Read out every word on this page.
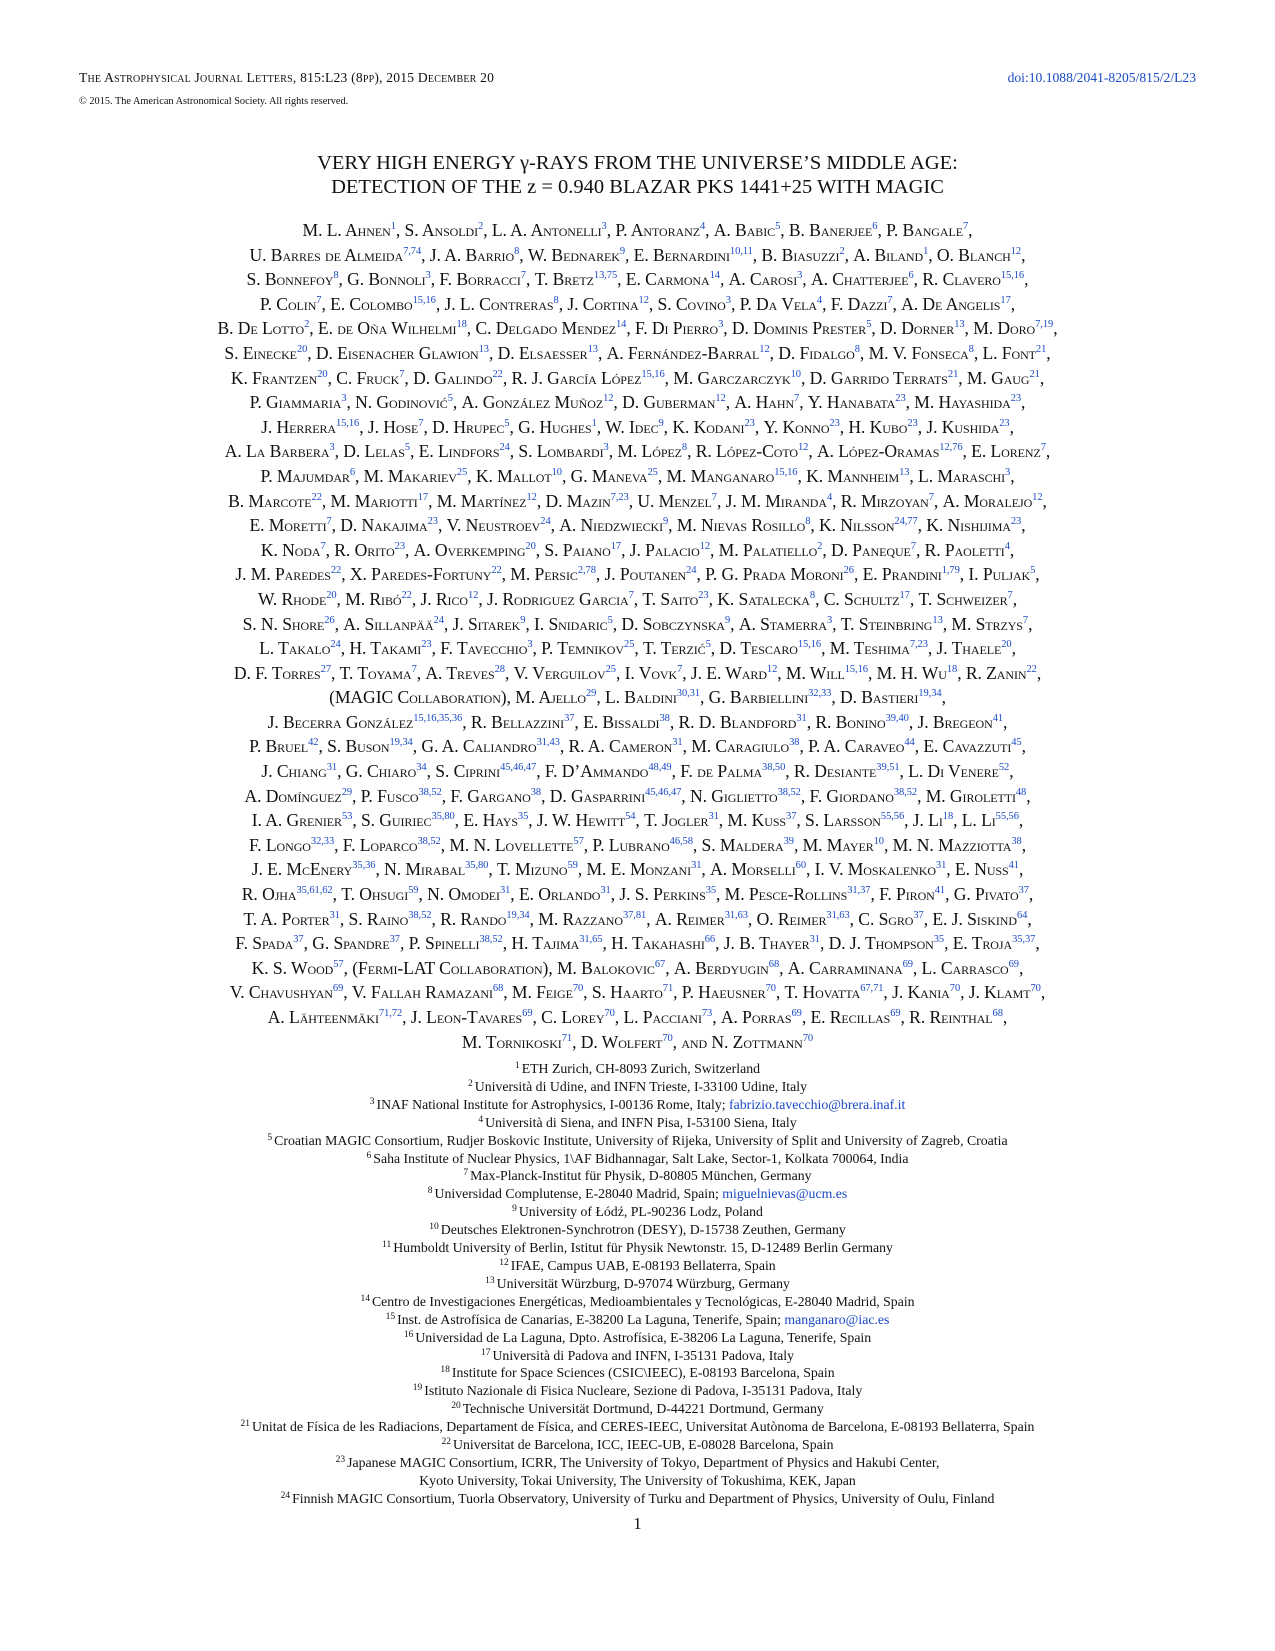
The Astrophysical Journal Letters, 815:L23 (8pp), 2015 December 20	doi:10.1088/2041-8205/815/2/L23
© 2015. The American Astronomical Society. All rights reserved.
VERY HIGH ENERGY γ-RAYS FROM THE UNIVERSE’S MIDDLE AGE:
DETECTION OF THE z = 0.940 BLAZAR PKS 1441+25 WITH MAGIC
M. L. Ahnen$^1$, S. Ansoldi$^2$, L. A. Antonelli$^3$, P. Antoranz$^4$, A. Babic$^5$, B. Banerjee$^6$, P. Bangale$^7$,
U. Barres de Almeida$^{7,74}$, J. A. Barrio$^8$, W. Bednarek$^9$, E. Bernardini$^{10,11}$, B. Biasuzzi$^2$, A. Biland$^1$, O. Blanch$^{12}$,
S. Bonnefoy$^8$, G. Bonnoli$^3$, F. Borracci$^7$, T. Bretz$^{13,75}$, E. Carmona$^{14}$, A. Carosi$^3$, A. Chatterjee$^6$, R. Clavero$^{15,16}$,
P. Colin$^7$, E. Colombo$^{15,16}$, J. L. Contreras$^8$, J. Cortina$^{12}$, S. Covino$^3$, P. Da Vela$^4$, F. Dazzi$^7$, A. De Angelis$^{17}$,
B. De Lotto$^2$, E. de Oña Wilhelmi$^{18}$, C. Delgado Mendez$^{14}$, F. Di Pierro$^3$, D. Dominis Prester$^5$, D. Dorner$^{13}$, M. Doro$^{7,19}$,
S. Einecke$^{20}$, D. Eisenacher Glawion$^{13}$, D. Elsaesser$^{13}$, A. Fernández-Barral$^{12}$, D. Fidalgo$^8$, M. V. Fonseca$^8$, L. Font$^{21}$,
K. Frantzen$^{20}$, C. Fruck$^7$, D. Galindo$^{22}$, R. J. García López$^{15,16}$, M. Garczarczyk$^{10}$, D. Garrido Terrats$^{21}$, M. Gaug$^{21}$,
P. Giammaria$^3$, N. Godinović$^5$, A. González Muñoz$^{12}$, D. Guberman$^{12}$, A. Hahn$^7$, Y. Hanabata$^{23}$, M. Hayashida$^{23}$,
J. Herrera$^{15,16}$, J. Hose$^7$, D. Hrupec$^5$, G. Hughes$^1$, W. Idec$^9$, K. Kodani$^{23}$, Y. Konno$^{23}$, H. Kubo$^{23}$, J. Kushida$^{23}$,
A. La Barbera$^3$, D. Lelas$^5$, E. Lindfors$^{24}$, S. Lombardi$^3$, M. López$^8$, R. López-Coto$^{12}$, A. López-Oramas$^{12,76}$, E. Lorenz$^7$,
P. Majumdar$^6$, M. Makariev$^{25}$, K. Mallot$^{10}$, G. Maneva$^{25}$, M. Manganaro$^{15,16}$, K. Mannheim$^{13}$, L. Maraschi$^3$,
B. Marcote$^{22}$, M. Mariotti$^{17}$, M. Martínez$^{12}$, D. Mazin$^{7,23}$, U. Menzel$^7$, J. M. Miranda$^4$, R. Mirzoyan$^7$, A. Moralejo$^{12}$,
E. Moretti$^7$, D. Nakajima$^{23}$, V. Neustroev$^{24}$, A. Niedzwiecki$^9$, M. Nievas Rosillo$^8$, K. Nilsson$^{24,77}$, K. Nishijima$^{23}$,
K. Noda$^7$, R. Orito$^{23}$, A. Overkemping$^{20}$, S. Paiano$^{17}$, J. Palacio$^{12}$, M. Palatiello$^2$, D. Paneque$^7$, R. Paoletti$^4$,
J. M. Paredes$^{22}$, X. Paredes-Fortuny$^{22}$, M. Persic$^{2,78}$, J. Poutanen$^{24}$, P. G. Prada Moroni$^{26}$, E. Prandini$^{1,79}$, I. Puljak$^5$,
W. Rhode$^{20}$, M. Ribó$^{22}$, J. Rico$^{12}$, J. Rodriguez Garcia$^7$, T. Saito$^{23}$, K. Satalecka$^8$, C. Schultz$^{17}$, T. Schweizer$^7$,
S. N. Shore$^{26}$, A. Sillanpää$^{24}$, J. Sitarek$^9$, I. Snidaric$^5$, D. Sobczynska$^9$, A. Stamerra$^3$, T. Steinbring$^{13}$, M. Strzys$^7$,
L. Takalo$^{24}$, H. Takami$^{23}$, F. Tavecchio$^3$, P. Temnikov$^{25}$, T. Terzić$^5$, D. Tescaro$^{15,16}$, M. Teshima$^{7,23}$, J. Thaele$^{20}$,
D. F. Torres$^{27}$, T. Toyama$^7$, A. Treves$^{28}$, V. Verguilov$^{25}$, I. Vovk$^7$, J. E. Ward$^{12}$, M. Will$^{15,16}$, M. H. Wu$^{18}$, R. Zanin$^{22}$,
(MAGIC Collaboration), M. Ajello$^{29}$, L. Baldini$^{30,31}$, G. Barbiellini$^{32,33}$, D. Bastieri$^{19,34}$,
J. Becerra González$^{15,16,35,36}$, R. Bellazzini$^{37}$, E. Bissaldi$^{38}$, R. D. Blandford$^{31}$, R. Bonino$^{39,40}$, J. Bregeon$^{41}$,
P. Bruel$^{42}$, S. Buson$^{19,34}$, G. A. Caliandro$^{31,43}$, R. A. Cameron$^{31}$, M. Caragiulo$^{38}$, P. A. Caraveo$^{44}$, E. Cavazzuti$^{45}$,
J. Chiang$^{31}$, G. Chiaro$^{34}$, S. Ciprini$^{45,46,47}$, F. D’Ammando$^{48,49}$, F. de Palma$^{38,50}$, R. Desiante$^{39,51}$, L. Di Venere$^{52}$,
A. Domínguez$^{29}$, P. Fusco$^{38,52}$, F. Gargano$^{38}$, D. Gasparrini$^{45,46,47}$, N. Giglietto$^{38,52}$, F. Giordano$^{38,52}$, M. Giroletti$^{48}$,
I. A. Grenier$^{53}$, S. Guiriec$^{35,80}$, E. Hays$^{35}$, J. W. Hewitt$^{54}$, T. Jogler$^{31}$, M. Kuss$^{37}$, S. Larsson$^{55,56}$, J. Li$^{18}$, L. Li$^{55,56}$,
F. Longo$^{32,33}$, F. Loparco$^{38,52}$, M. N. Lovellette$^{57}$, P. Lubrano$^{46,58}$, S. Maldera$^{39}$, M. Mayer$^{10}$, M. N. Mazziotta$^{38}$,
J. E. McEnery$^{35,36}$, N. Mirabal$^{35,80}$, T. Mizuno$^{59}$, M. E. Monzani$^{31}$, A. Morselli$^{60}$, I. V. Moskalenko$^{31}$, E. Nuss$^{41}$,
R. Ojha$^{35,61,62}$, T. Ohsugi$^{59}$, N. Omodei$^{31}$, E. Orlando$^{31}$, J. S. Perkins$^{35}$, M. Pesce-Rollins$^{31,37}$, F. Piron$^{41}$, G. Pivato$^{37}$,
T. A. Porter$^{31}$, S. Raino$^{38,52}$, R. Rando$^{19,34}$, M. Razzano$^{37,81}$, A. Reimer$^{31,63}$, O. Reimer$^{31,63}$, C. Sgro$^{37}$, E. J. Siskind$^{64}$,
F. Spada$^{37}$, G. Spandre$^{37}$, P. Spinelli$^{38,52}$, H. Tajima$^{31,65}$, H. Takahashi$^{66}$, J. B. Thayer$^{31}$, D. J. Thompson$^{35}$, E. Troja$^{35,37}$,
K. S. Wood$^{57}$, (Fermi-LAT Collaboration), M. Balokovic$^{67}$, A. Berdyugin$^{68}$, A. Carraminana$^{69}$, L. Carrasco$^{69}$,
V. Chavushyan$^{69}$, V. Fallah Ramazani$^{68}$, M. Feige$^{70}$, S. Haarto$^{71}$, P. Haeusner$^{70}$, T. Hovatta$^{67,71}$, J. Kania$^{70}$, J. Klamt$^{70}$,
A. Lähteenmäki$^{71,72}$, J. Leon-Tavares$^{69}$, C. Lorey$^{70}$, L. Pacciani$^{73}$, A. Porras$^{69}$, E. Recillas$^{69}$, R. Reinthal$^{68}$,
M. Tornikoski$^{71}$, D. Wolfert$^{70}$, and N. Zottmann$^{70}$
$^1$ ETH Zurich, CH-8093 Zurich, Switzerland
$^2$ Università di Udine, and INFN Trieste, I-33100 Udine, Italy
$^3$ INAF National Institute for Astrophysics, I-00136 Rome, Italy; fabrizio.tavecchio@brera.inaf.it
$^4$ Università di Siena, and INFN Pisa, I-53100 Siena, Italy
$^5$ Croatian MAGIC Consortium, Rudjer Boskovic Institute, University of Rijeka, University of Split and University of Zagreb, Croatia
$^6$ Saha Institute of Nuclear Physics, 1\AF Bidhannagar, Salt Lake, Sector-1, Kolkata 700064, India
$^7$ Max-Planck-Institut für Physik, D-80805 München, Germany
$^8$ Universidad Complutense, E-28040 Madrid, Spain; miguelnievas@ucm.es
$^9$ University of Łódź, PL-90236 Lodz, Poland
$^{10}$ Deutsches Elektronen-Synchrotron (DESY), D-15738 Zeuthen, Germany
$^{11}$ Humboldt University of Berlin, Istitut für Physik Newtonstr. 15, D-12489 Berlin Germany
$^{12}$ IFAE, Campus UAB, E-08193 Bellaterra, Spain
$^{13}$ Universität Würzburg, D-97074 Würzburg, Germany
$^{14}$ Centro de Investigaciones Energéticas, Medioambientales y Tecnológicas, E-28040 Madrid, Spain
$^{15}$ Inst. de Astrofísica de Canarias, E-38200 La Laguna, Tenerife, Spain; manganaro@iac.es
$^{16}$ Universidad de La Laguna, Dpto. Astrofísica, E-38206 La Laguna, Tenerife, Spain
$^{17}$ Università di Padova and INFN, I-35131 Padova, Italy
$^{18}$ Institute for Space Sciences (CSIC\IEEC), E-08193 Barcelona, Spain
$^{19}$ Istituto Nazionale di Fisica Nucleare, Sezione di Padova, I-35131 Padova, Italy
$^{20}$ Technische Universität Dortmund, D-44221 Dortmund, Germany
$^{21}$ Unitat de Física de les Radiacions, Departament de Física, and CERES-IEEC, Universitat Autònoma de Barcelona, E-08193 Bellaterra, Spain
$^{22}$ Universitat de Barcelona, ICC, IEEC-UB, E-08028 Barcelona, Spain
$^{23}$ Japanese MAGIC Consortium, ICRR, The University of Tokyo, Department of Physics and Hakubi Center,
Kyoto University, Tokai University, The University of Tokushima, KEK, Japan
$^{24}$ Finnish MAGIC Consortium, Tuorla Observatory, University of Turku and Department of Physics, University of Oulu, Finland
1
